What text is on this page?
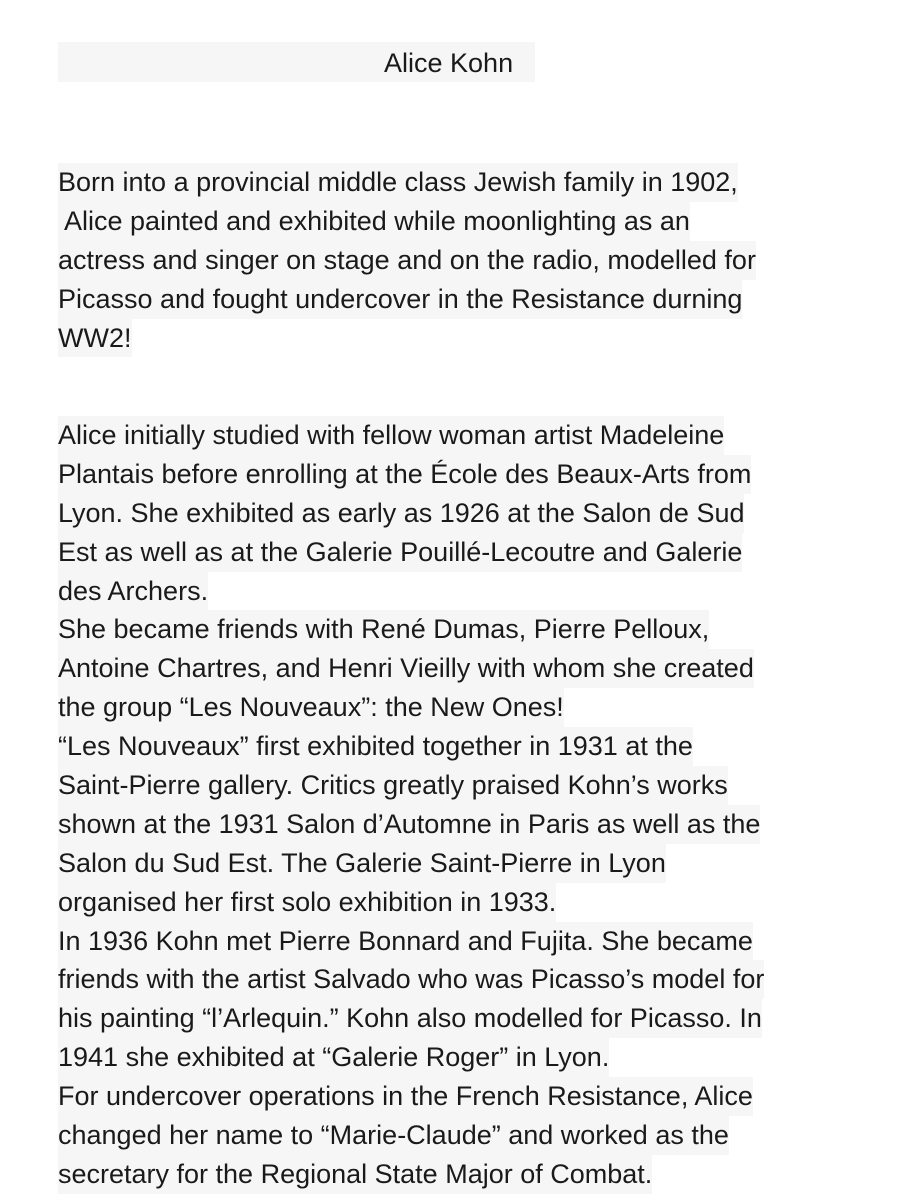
Alice Kohn
Born into a provincial middle class Jewish family in 1902,
Alice painted and exhibited while moonlighting as an
actress and singer on stage and on the radio, modelled for
Picasso and fought undercover in the Resistance durning
WW2!
Alice initially studied with fellow woman artist Madeleine
Plantais before enrolling at the École des Beaux-Arts from
Lyon. She exhibited as early as 1926 at the Salon de Sud
Est as well as at the Galerie Pouillé-Lecoutre and Galerie
des Archers.
She became friends with René Dumas, Pierre Pelloux,
Antoine Chartres, and Henri Vieilly with whom she created
the group “Les Nouveaux”: the New Ones!
“Les Nouveaux” first exhibited together in 1931 at the
Saint-Pierre gallery. Critics greatly praised Kohn’s works
shown at the 1931 Salon d’Automne in Paris as well as the
Salon du Sud Est. The Galerie Saint-Pierre in Lyon
organised her first solo exhibition in 1933.
In 1936 Kohn met Pierre Bonnard and Fujita. She became
friends with the artist Salvado who was Picasso’s model for
his painting “l’Arlequin.” Kohn also modelled for Picasso. In
1941 she exhibited at “Galerie Roger” in Lyon.
For undercover operations in the French Resistance, Alice
changed her name to “Marie-Claude” and worked as the
secretary for the Regional State Major of Combat.
